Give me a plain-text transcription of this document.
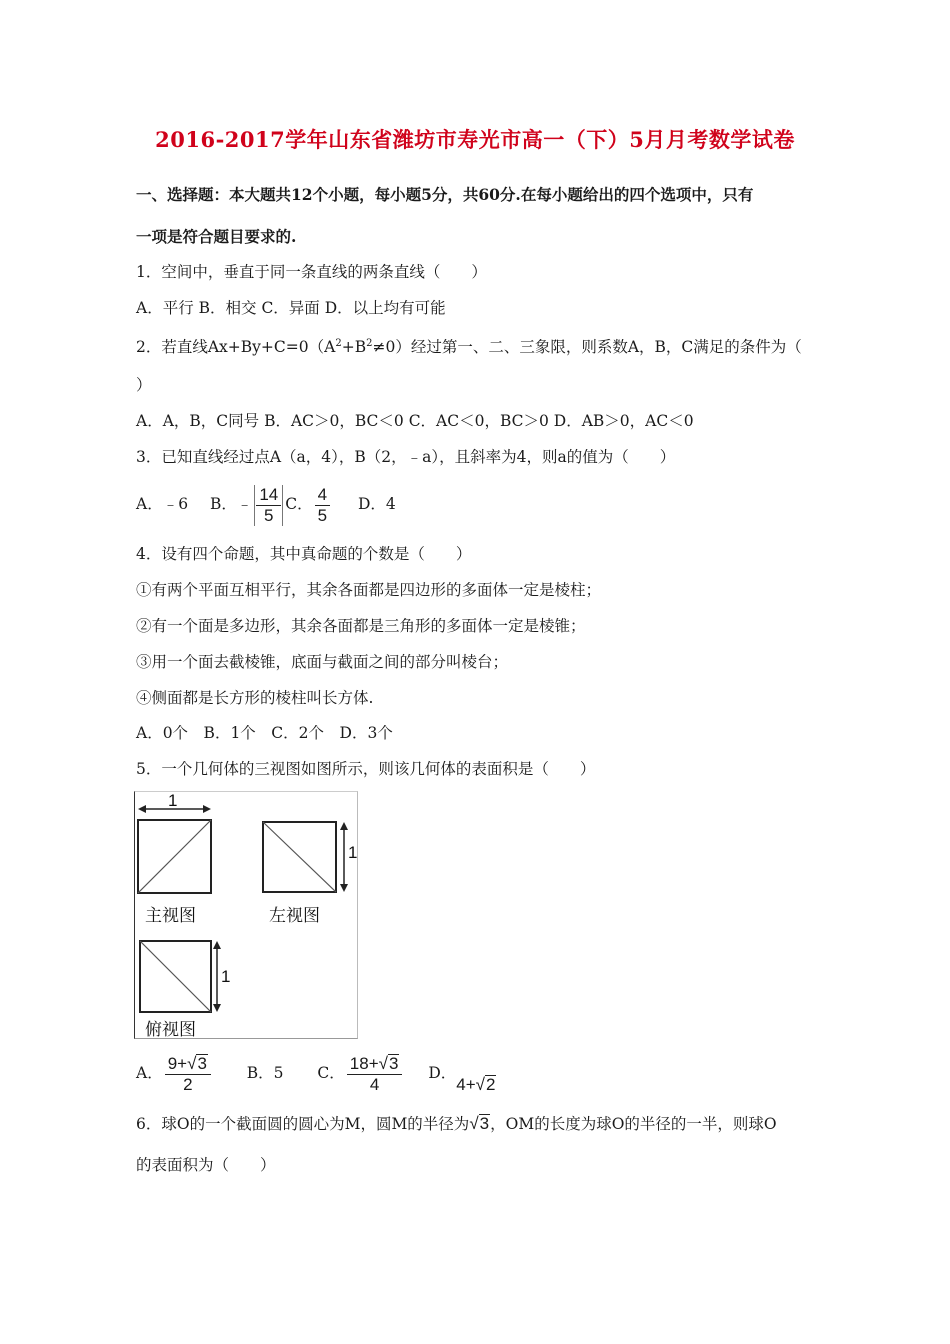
2016-2017学年山东省潍坊市寿光市高一（下）5月月考数学试卷
一、选择题：本大题共12个小题，每小题5分，共60分.在每小题给出的四个选项中，只有
一项是符合题目要求的.
1．空间中，垂直于同一条直线的两条直线（　　）
A．平行 B．相交 C．异面 D．以上均有可能
2．若直线$Ax+By+C=0(A^2+B^2\ne 0)$经过第一、二、三象限，则系数A，B，C满足的条件为（
）
A．A，B，C同号 B．AC＞0，BC＜0 C．AC＜0，BC＞0 D．AB＞0，AC＜0
3．已知直线经过点A（a，4），B（2，﹣a），且斜率为4，则a的值为（　　）
A．﹣6 B．﹣ $\frac{14}{5}$ C． $\frac{4}{5}$ D．4
4．设有四个命题，其中真命题的个数是（　　）
①有两个平面互相平行，其余各面都是四边形的多面体一定是棱柱；
②有一个面是多边形，其余各面都是三角形的多面体一定是棱锥；
③用一个面去截棱锥，底面与截面之间的部分叫棱台；
④侧面都是长方形的棱柱叫长方体.
A．0个　B．1个　C．2个　D．3个
5．一个几何体的三视图如图所示，则该几何体的表面积是（　　）
1
主视图
1
左视图
1
俯视图
A． $\frac{9+√3}{2}$ B．5 C． $\frac{18+√3}{4}$ D．4+√2
6．球O的一个截面圆的圆心为M，圆M的半径为√3，OM的长度为球O的半径的一半，则球O
的表面积为（　　）
